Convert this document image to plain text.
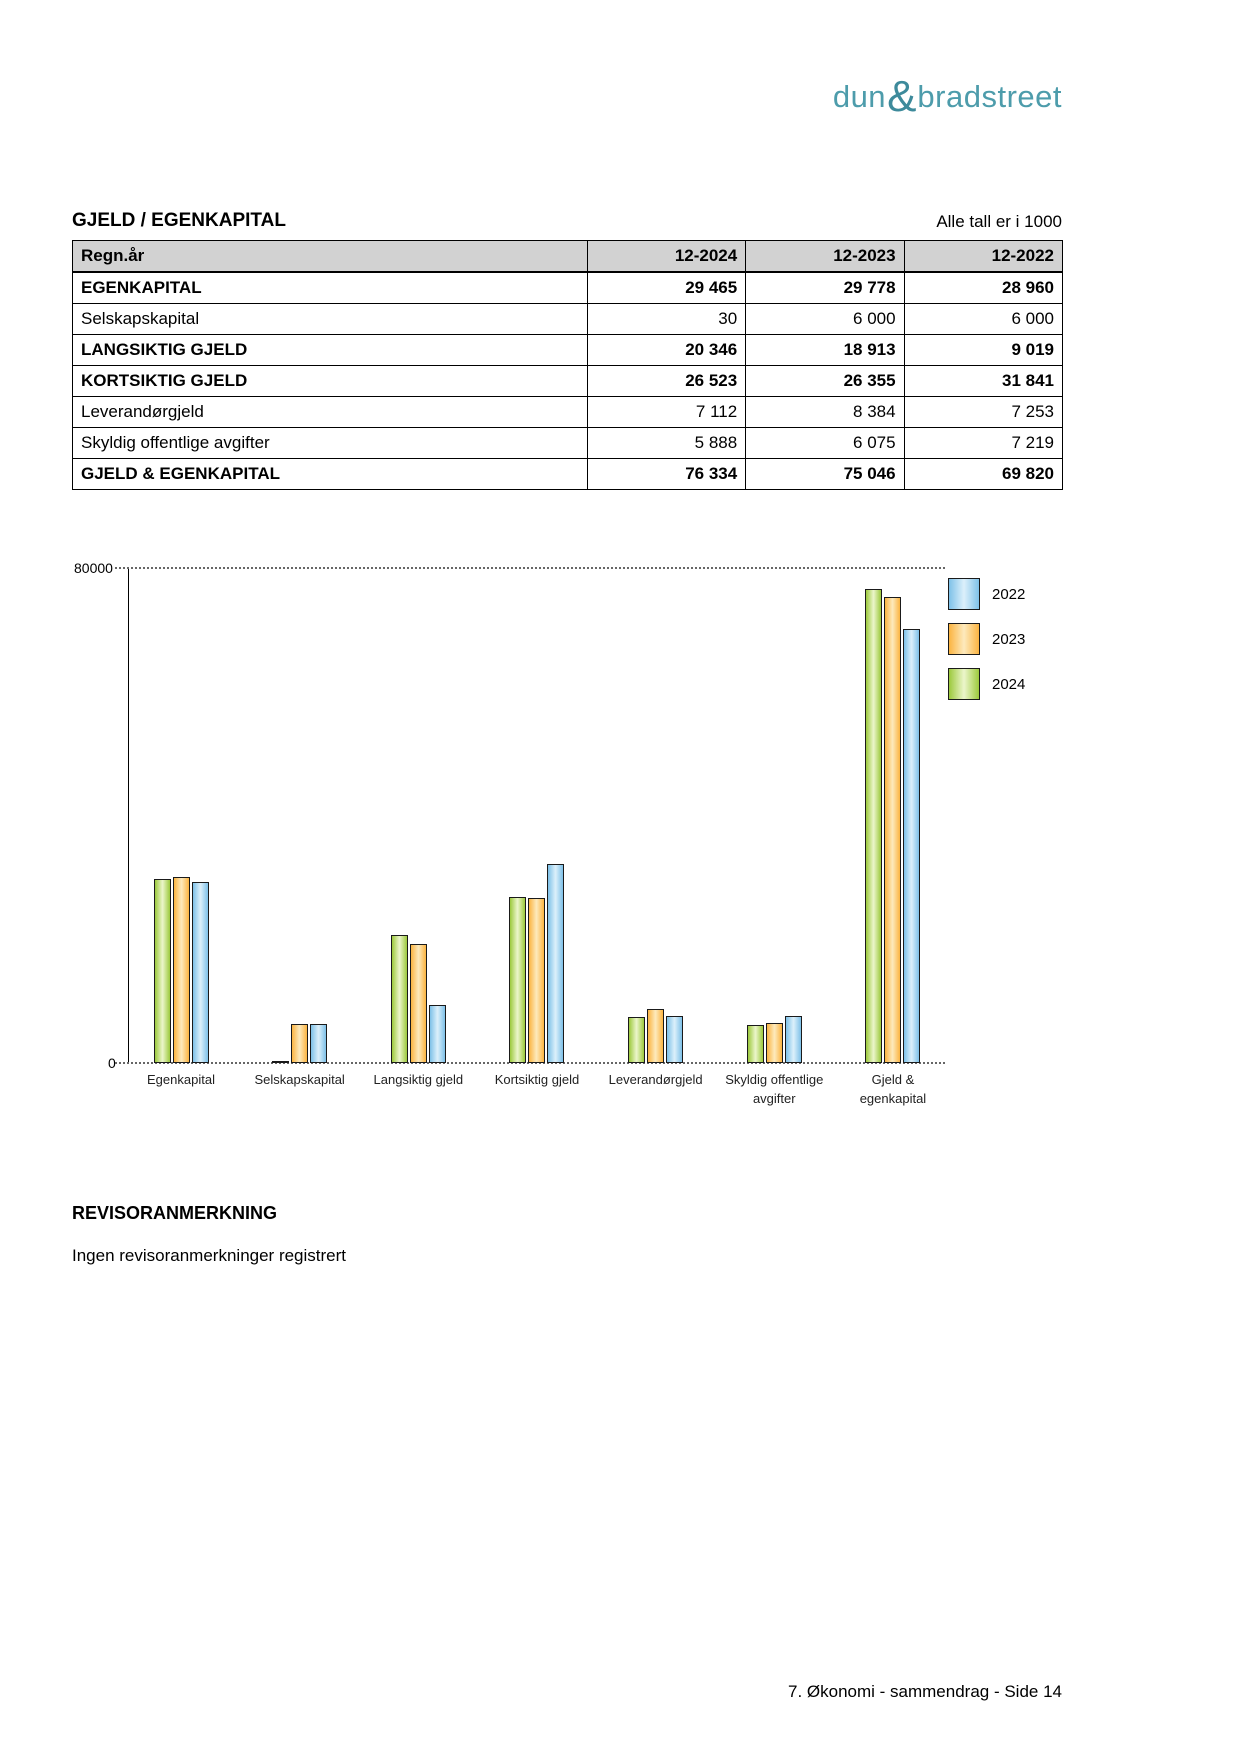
dun&bradstreet
GJELD / EGENKAPITAL	Alle tall er i 1000
Regn.år	12-2024	12-2023	12-2022
EGENKAPITAL	29 465	29 778	28 960
Selskapskapital	30	6 000	6 000
LANGSIKTIG GJELD	20 346	18 913	9 019
KORTSIKTIG GJELD	26 523	26 355	31 841
Leverandørgjeld	7 112	8 384	7 253
Skyldig offentlige avgifter	5 888	6 075	7 219
GJELD & EGENKAPITAL	76 334	75 046	69 820
80000
0
Egenkapital	Selskapskapital	Langsiktig gjeld	Kortsiktig gjeld	Leverandørgjeld	Skyldig offentlige avgifter
Gjeld & egenkapital
2022
2023
2024
REVISORANMERKNING
Ingen revisoranmerkninger registrert
7. Økonomi - sammendrag - Side 14
